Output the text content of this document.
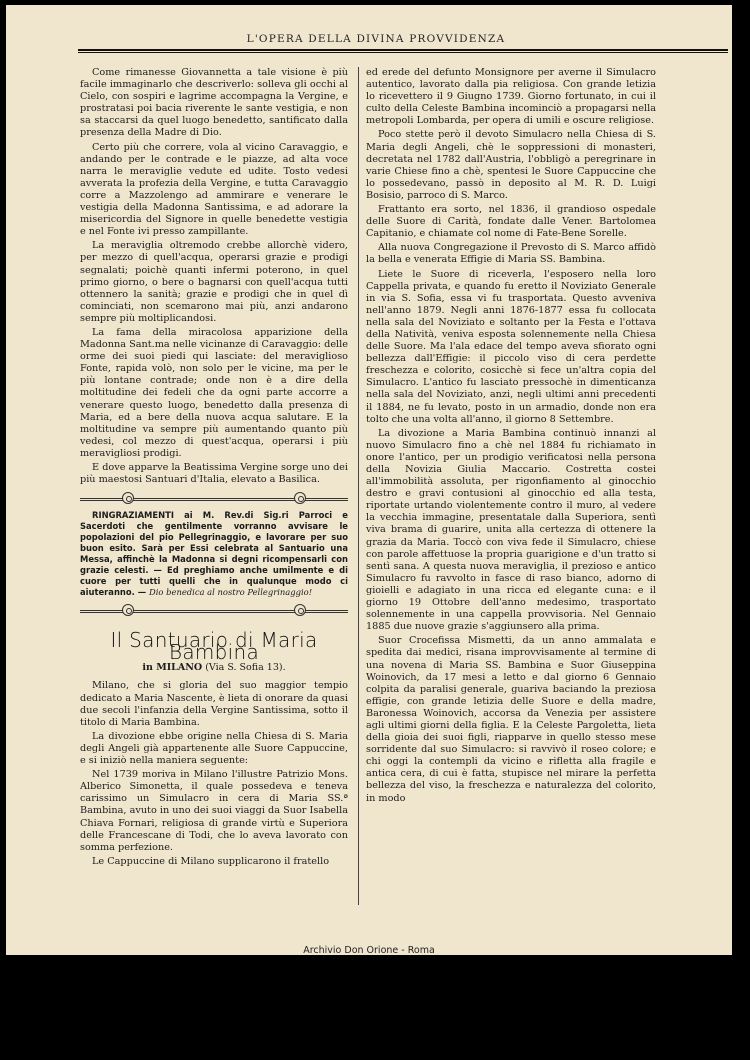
L'OPERA DELLA DIVINA PROVVIDENZA

Come rimanesse Giovannetta a tale visione è più facile immaginarlo che descriverlo: solleva gli occhi al Cielo, con sospiri e lagrime accompagna la Vergine, e prostratasi poi bacia riverente le sante vestigia, e non sa staccarsi da quel luogo benedetto, santificato dalla presenza della Madre di Dio.

Certo più che correre, vola al vicino Caravaggio, e andando per le contrade e le piazze, ad alta voce narra le meraviglie vedute ed udite. Tosto vedesi avverata la profezia della Vergine, e tutta Caravaggio corre a Mazzolengo ad ammirare e venerare le vestigia della Madonna Santissima, e ad adorare la misericordia del Signore in quelle benedette vestigia e nel Fonte ivi presso zampillante.

La meraviglia oltremodo crebbe allorchè videro, per mezzo di quell'acqua, operarsi grazie e prodigi segnalati; poichè quanti infermi poterono, in quel primo giorno, o bere o bagnarsi con quell'acqua tutti ottennero la sanità; grazie e prodigi che in quel dì cominciati, non scemarono mai più, anzi andarono sempre più moltiplicandosi.

La fama della miracolosa apparizione della Madonna Sant.ma nelle vicinanze di Caravaggio: delle orme dei suoi piedi qui lasciate: del meraviglioso Fonte, rapida volò, non solo per le vicine, ma per le più lontane contrade; onde non è a dire della moltitudine dei fedeli che da ogni parte accorre a venerare questo luogo, benedetto dalla presenza di Maria, ed a bere della nuova acqua salutare. E la moltitudine va sempre più aumentando quanto più vedesi, col mezzo di quest'acqua, operarsi i più meravigliosi prodigi.

E dove apparve la Beatissima Vergine sorge uno dei più maestosi Santuari d'Italia, elevato a Basilica.

RINGRAZIAMENTI ai M. Rev.di Sig.ri Parroci e Sacerdoti che gentilmente vorranno avvisare le popolazioni del pio Pellegrinaggio, e lavorare per suo buon esito. Sarà per Essi celebrata al Santuario una Messa, affinchè la Madonna si degni ricompensarli con grazie celesti. — Ed preghiamo anche umilmente e di cuore per tutti quelli che in qualunque modo ci aiuteranno. — Dio benedica al nostro Pellegrinaggio!

Il Santuario di Maria Bambina
in MILANO (Via S. Sofia 13).

Milano, che si gloria del suo maggior tempio dedicato a Maria Nascente, è lieta di onorare da quasi due secoli l'infanzia della Vergine Santissima, sotto il titolo di Maria Bambina.

La divozione ebbe origine nella Chiesa di S. Maria degli Angeli già appartenente alle Suore Cappuccine, e si iniziò nella maniera seguente:

Nel 1739 moriva in Milano l'illustre Patrizio Mons. Alberico Simonetta, il quale possedeva e teneva carissimo un Simulacro in cera di Maria SS.ª Bambina, avuto in uno dei suoi viaggi da Suor Isabella Chiava Fornari, religiosa di grande virtù e Superiora delle Francescane di Todi, che lo aveva lavorato con somma perfezione.

Le Cappuccine di Milano supplicarono il fratello

ed erede del defunto Monsignore per averne il Simulacro autentico, lavorato dalla pia religiosa. Con grande letizia lo ricevettero il 9 Giugno 1739. Giorno fortunato, in cui il culto della Celeste Bambina incominciò a propagarsi nella metropoli Lombarda, per opera di umili e oscure religiose.

Poco stette però il devoto Simulacro nella Chiesa di S. Maria degli Angeli, chè le soppressioni di monasteri, decretata nel 1782 dall'Austria, l'obbligò a peregrinare in varie Chiese fino a chè, spentesi le Suore Cappuccine che lo possedevano, passò in deposito al M. R. D. Luigi Bosisio, parroco di S. Marco.

Frattanto era sorto, nel 1836, il grandioso ospedale delle Suore di Carità, fondate dalle Vener. Bartolomea Capitanio, e chiamate col nome di Fate-Bene Sorelle.

Alla nuova Congregazione il Prevosto di S. Marco affidò la bella e venerata Effigie di Maria SS. Bambina.

Liete le Suore di riceverla, l'esposero nella loro Cappella privata, e quando fu eretto il Noviziato Generale in via S. Sofia, essa vi fu trasportata. Questo avveniva nell'anno 1879. Negli anni 1876-1877 essa fu collocata nella sala del Noviziato e soltanto per la Festa e l'ottava della Natività, veniva esposta solennemente nella Chiesa delle Suore. Ma l'ala edace del tempo aveva sfiorato ogni bellezza dall'Effigie: il piccolo viso di cera perdette freschezza e colorito, cosicchè si fece un'altra copia del Simulacro. L'antico fu lasciato pressochè in dimenticanza nella sala del Noviziato, anzi, negli ultimi anni precedenti il 1884, ne fu levato, posto in un armadio, donde non era tolto che una volta all'anno, il giorno 8 Settembre.

La divozione a Maria Bambina continuò innanzi al nuovo Simulacro fino a chè nel 1884 fu richiamato in onore l'antico, per un prodigio verificatosi nella persona della Novizia Giulia Maccario. Costretta costei all'immobilità assoluta, per rigonfiamento al ginocchio destro e gravi contusioni al ginocchio ed alla testa, riportate urtando violentemente contro il muro, al vedere la vecchia immagine, presentatale dalla Superiora, sentì viva brama di guarire, unita alla certezza di ottenere la grazia da Maria. Toccò con viva fede il Simulacro, chiese con parole affettuose la propria guarigione e d'un tratto si sentì sana. A questa nuova meraviglia, il prezioso e antico Simulacro fu ravvolto in fasce di raso bianco, adorno di gioielli e adagiato in una ricca ed elegante cuna: e il giorno 19 Ottobre dell'anno medesimo, trasportato solennemente in una cappella provvisoria. Nel Gennaio 1885 due nuove grazie s'aggiunsero alla prima.

Suor Crocefissa Mismetti, da un anno ammalata e spedita dai medici, risana improvvisamente al termine di una novena di Maria SS. Bambina e Suor Giuseppina Woinovich, da 17 mesi a letto e dal giorno 6 Gennaio colpita da paralisi generale, guariva baciando la preziosa effigie, con grande letizia delle Suore e della madre, Baronessa Woinovich, accorsa da Venezia per assistere agli ultimi giorni della figlia. E la Celeste Pargoletta, lieta della gioia dei suoi figli, riapparve in quello stesso mese sorridente dal suo Simulacro: si ravvivò il roseo colore; e chi oggi la contempli da vicino e rifletta alla fragile e antica cera, di cui è fatta, stupisce nel mirare la perfetta bellezza del viso, la freschezza e naturalezza del colorito, in modo

Archivio Don Orione - Roma
